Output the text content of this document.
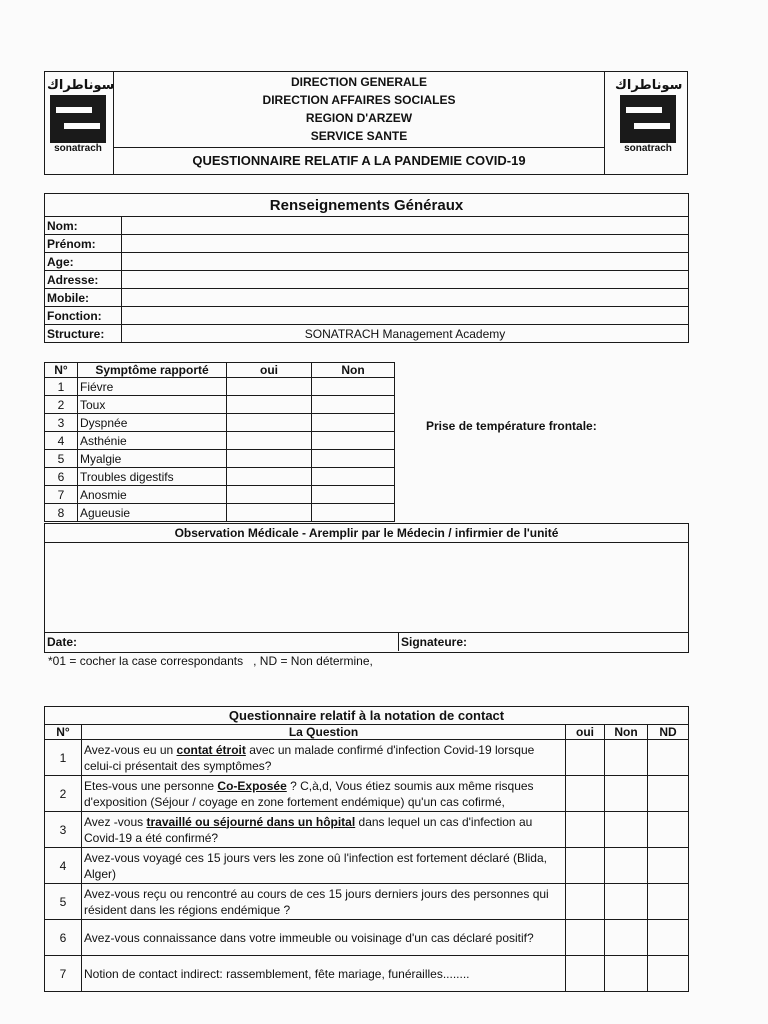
سوناطراك
sonatrach
DIRECTION GENERALE
DIRECTION AFFAIRES SOCIALES
REGION D'ARZEW
SERVICE SANTE
QUESTIONNAIRE RELATIF A LA PANDEMIE COVID-19
سوناطراك
sonatrach
Renseignements Généraux	
Nom:	
Prénom:	
Age:	
Adresse:	
Mobile:	
Fonction:	
Structure:	SONATRACH Management Academy
N°	Symptôme rapporté	oui	Non
1	Fiévre		
2	Toux		
3	Dyspnée		
4	Asthénie		
5	Myalgie		
6	Troubles digestifs		
7	Anosmie		
8	Agueusie		
Prise de température frontale:
Observation Médicale - Aremplir par le Médecin / infirmier de l'unité
Date:	Signateure:
*01 = cocher la case correspondants   , ND = Non détermine,
Questionnaire relatif à la notation de contact				
N°	La Question	oui	Non	ND
1	Avez-vous eu un contat étroit avec un malade confirmé d'infection Covid-19 lorsque celui-ci présentait des symptômes?			
2	Etes-vous une personne Co-Exposée ? C,à,d, Vous étiez soumis aux même risques d'exposition (Séjour / coyage en zone fortement endémique) qu'un cas cofirmé,			
3	Avez -vous travaillé ou séjourné dans un hôpital dans lequel un cas d'infection au Covid-19 a été confirmé?			
4	Avez-vous voyagé ces 15 jours vers les zone oû l'infection est fortement déclaré (Blida, Alger)			
5	Avez-vous reçu ou rencontré au cours de ces 15 jours derniers jours des personnes qui résident dans les régions endémique ?			
6	Avez-vous connaissance dans votre immeuble ou voisinage d'un cas déclaré positif?			
7	Notion de contact indirect: rassemblement, fête mariage, funérailles........			
